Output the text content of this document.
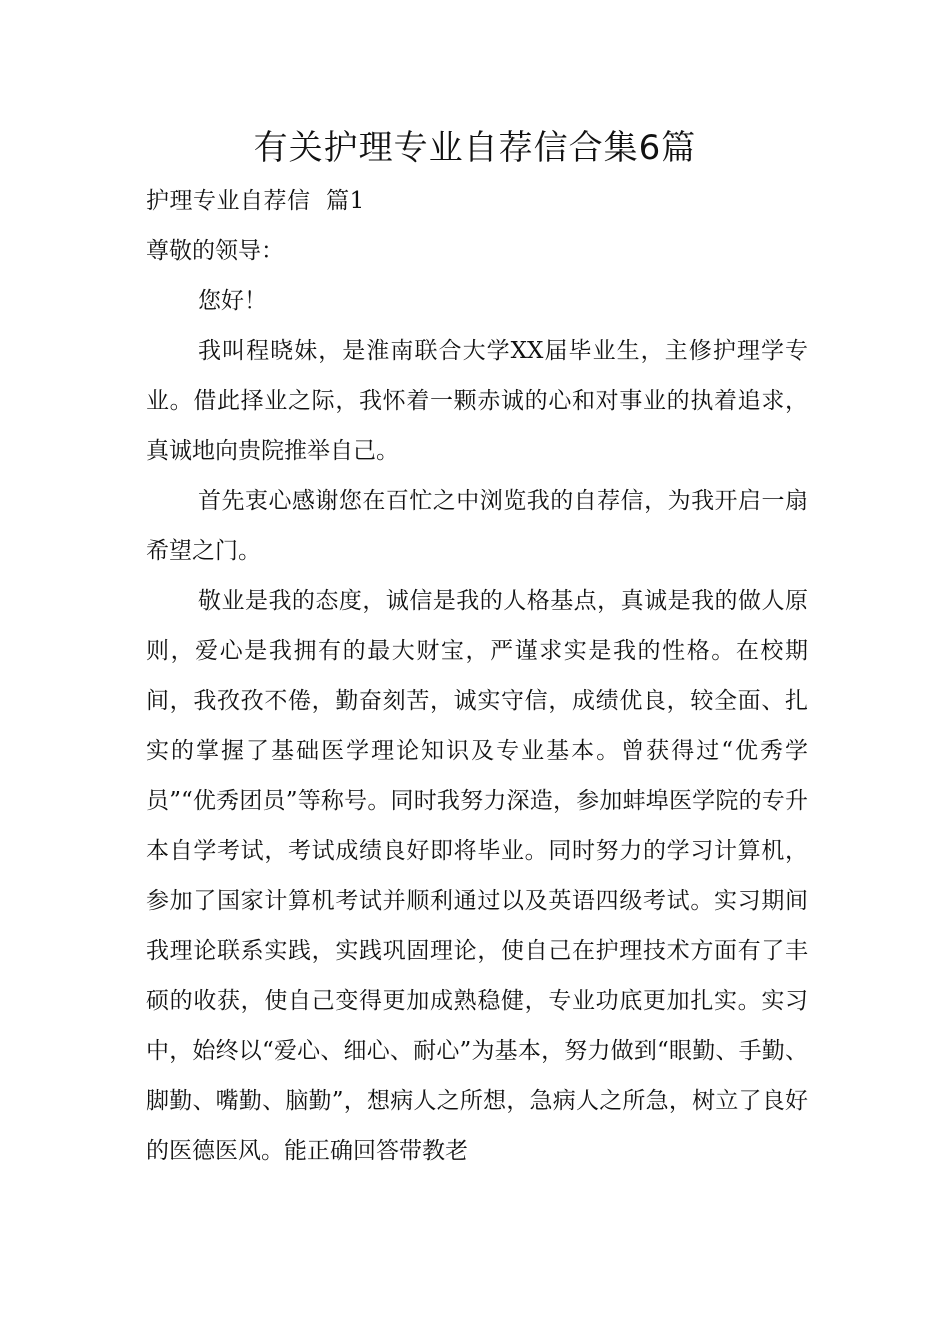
有关护理专业自荐信合集6篇

护理专业自荐信  篇1

尊敬的领导：

您好！

我叫程晓妹，是淮南联合大学XX届毕业生，主修护理学专业。借此择业之际，我怀着一颗赤诚的心和对事业的执着追求，真诚地向贵院推举自己。

首先衷心感谢您在百忙之中浏览我的自荐信，为我开启一扇希望之门。

敬业是我的态度，诚信是我的人格基点，真诚是我的做人原则，爱心是我拥有的最大财宝，严谨求实是我的性格。在校期间，我孜孜不倦，勤奋刻苦，诚实守信，成绩优良，较全面、扎实的掌握了基础医学理论知识及专业基本。曾获得过“优秀学员”“优秀团员”等称号。同时我努力深造，参加蚌埠医学院的专升本自学考试，考试成绩良好即将毕业。同时努力的学习计算机，参加了国家计算机考试并顺利通过以及英语四级考试。实习期间我理论联系实践，实践巩固理论，使自己在护理技术方面有了丰硕的收获，使自己变得更加成熟稳健，专业功底更加扎实。实习中，始终以“爱心、细心、耐心”为基本，努力做到“眼勤、手勤、脚勤、嘴勤、脑勤”，想病人之所想，急病人之所急，树立了良好的医德医风。能正确回答带教老
